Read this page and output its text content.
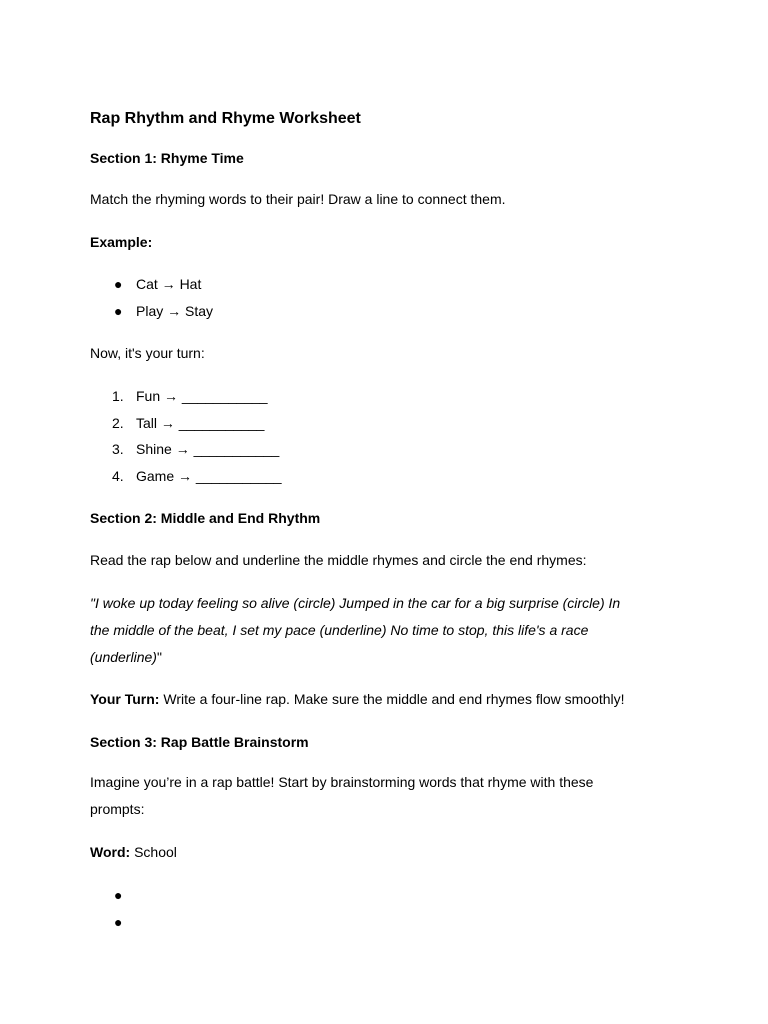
Rap Rhythm and Rhyme Worksheet
Section 1: Rhyme Time
Match the rhyming words to their pair! Draw a line to connect them.
Example:
● Cat → Hat
● Play → Stay
Now, it's your turn:
1. Fun → ___________
2. Tall → ___________
3. Shine → ___________
4. Game → ___________
Section 2: Middle and End Rhythm
Read the rap below and underline the middle rhymes and circle the end rhymes:
"I woke up today feeling so alive (circle) Jumped in the car for a big surprise (circle) In
the middle of the beat, I set my pace (underline) No time to stop, this life's a race
(underline)"
Your Turn: Write a four-line rap. Make sure the middle and end rhymes flow smoothly!
Section 3: Rap Battle Brainstorm
Imagine you’re in a rap battle! Start by brainstorming words that rhyme with these
prompts:
Word: School
●
●
